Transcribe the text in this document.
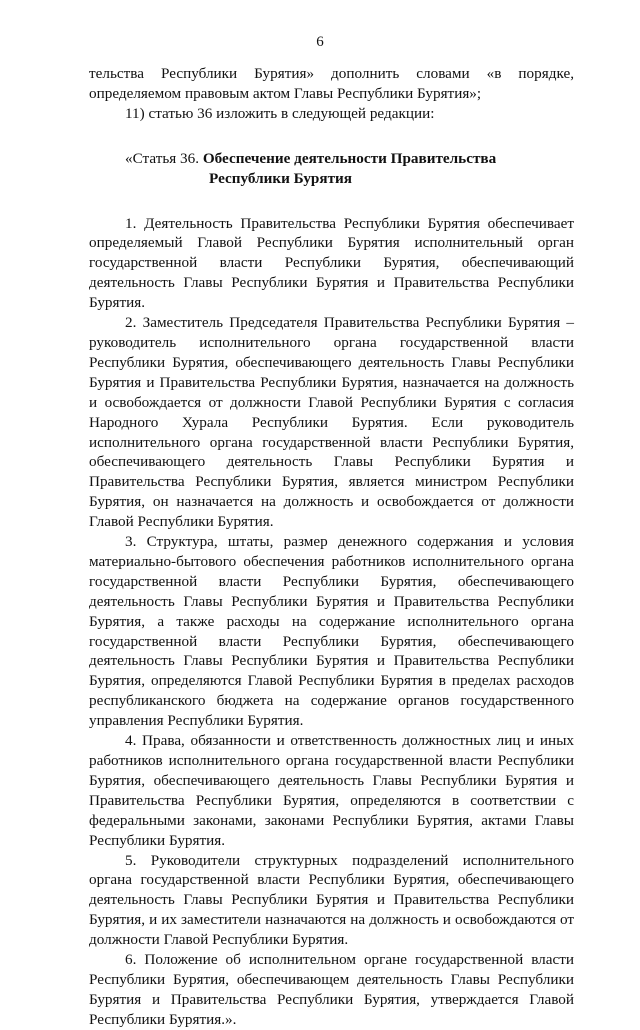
6

тельства Республики Бурятия» дополнить словами «в порядке, определяемом правовым актом Главы Республики Бурятия»;

11) статью 36 изложить в следующей редакции:

«Статья 36. Обеспечение деятельности Правительства
Республики Бурятия

1. Деятельность Правительства Республики Бурятия обеспечивает определяемый Главой Республики Бурятия исполнительный орган государственной власти Республики Бурятия, обеспечивающий деятельность Главы Республики Бурятия и Правительства Республики Бурятия.

2. Заместитель Председателя Правительства Республики Бурятия – руководитель исполнительного органа государственной власти Республики Бурятия, обеспечивающего деятельность Главы Республики Бурятия и Правительства Республики Бурятия, назначается на должность и освобождается от должности Главой Республики Бурятия с согласия Народного Хурала Республики Бурятия. Если руководитель исполнительного органа государственной власти Республики Бурятия, обеспечивающего деятельность Главы Республики Бурятия и Правительства Республики Бурятия, является министром Республики Бурятия, он назначается на должность и освобождается от должности Главой Республики Бурятия.

3. Структура, штаты, размер денежного содержания и условия материально-бытового обеспечения работников исполнительного органа государственной власти Республики Бурятия, обеспечивающего деятельность Главы Республики Бурятия и Правительства Республики Бурятия, а также расходы на содержание исполнительного органа государственной власти Республики Бурятия, обеспечивающего деятельность Главы Республики Бурятия и Правительства Республики Бурятия, определяются Главой Республики Бурятия в пределах расходов республиканского бюджета на содержание органов государственного управления Республики Бурятия.

4. Права, обязанности и ответственность должностных лиц и иных работников исполнительного органа государственной власти Республики Бурятия, обеспечивающего деятельность Главы Республики Бурятия и Правительства Республики Бурятия, определяются в соответствии с федеральными законами, законами Республики Бурятия, актами Главы Республики Бурятия.

5. Руководители структурных подразделений исполнительного органа государственной власти Республики Бурятия, обеспечивающего деятельность Главы Республики Бурятия и Правительства Республики Бурятия, и их заместители назначаются на должность и освобождаются от должности Главой Республики Бурятия.

6. Положение об исполнительном органе государственной власти Республики Бурятия, обеспечивающем деятельность Главы Республики Бурятия и Правительства Республики Бурятия, утверждается Главой Республики Бурятия.».
